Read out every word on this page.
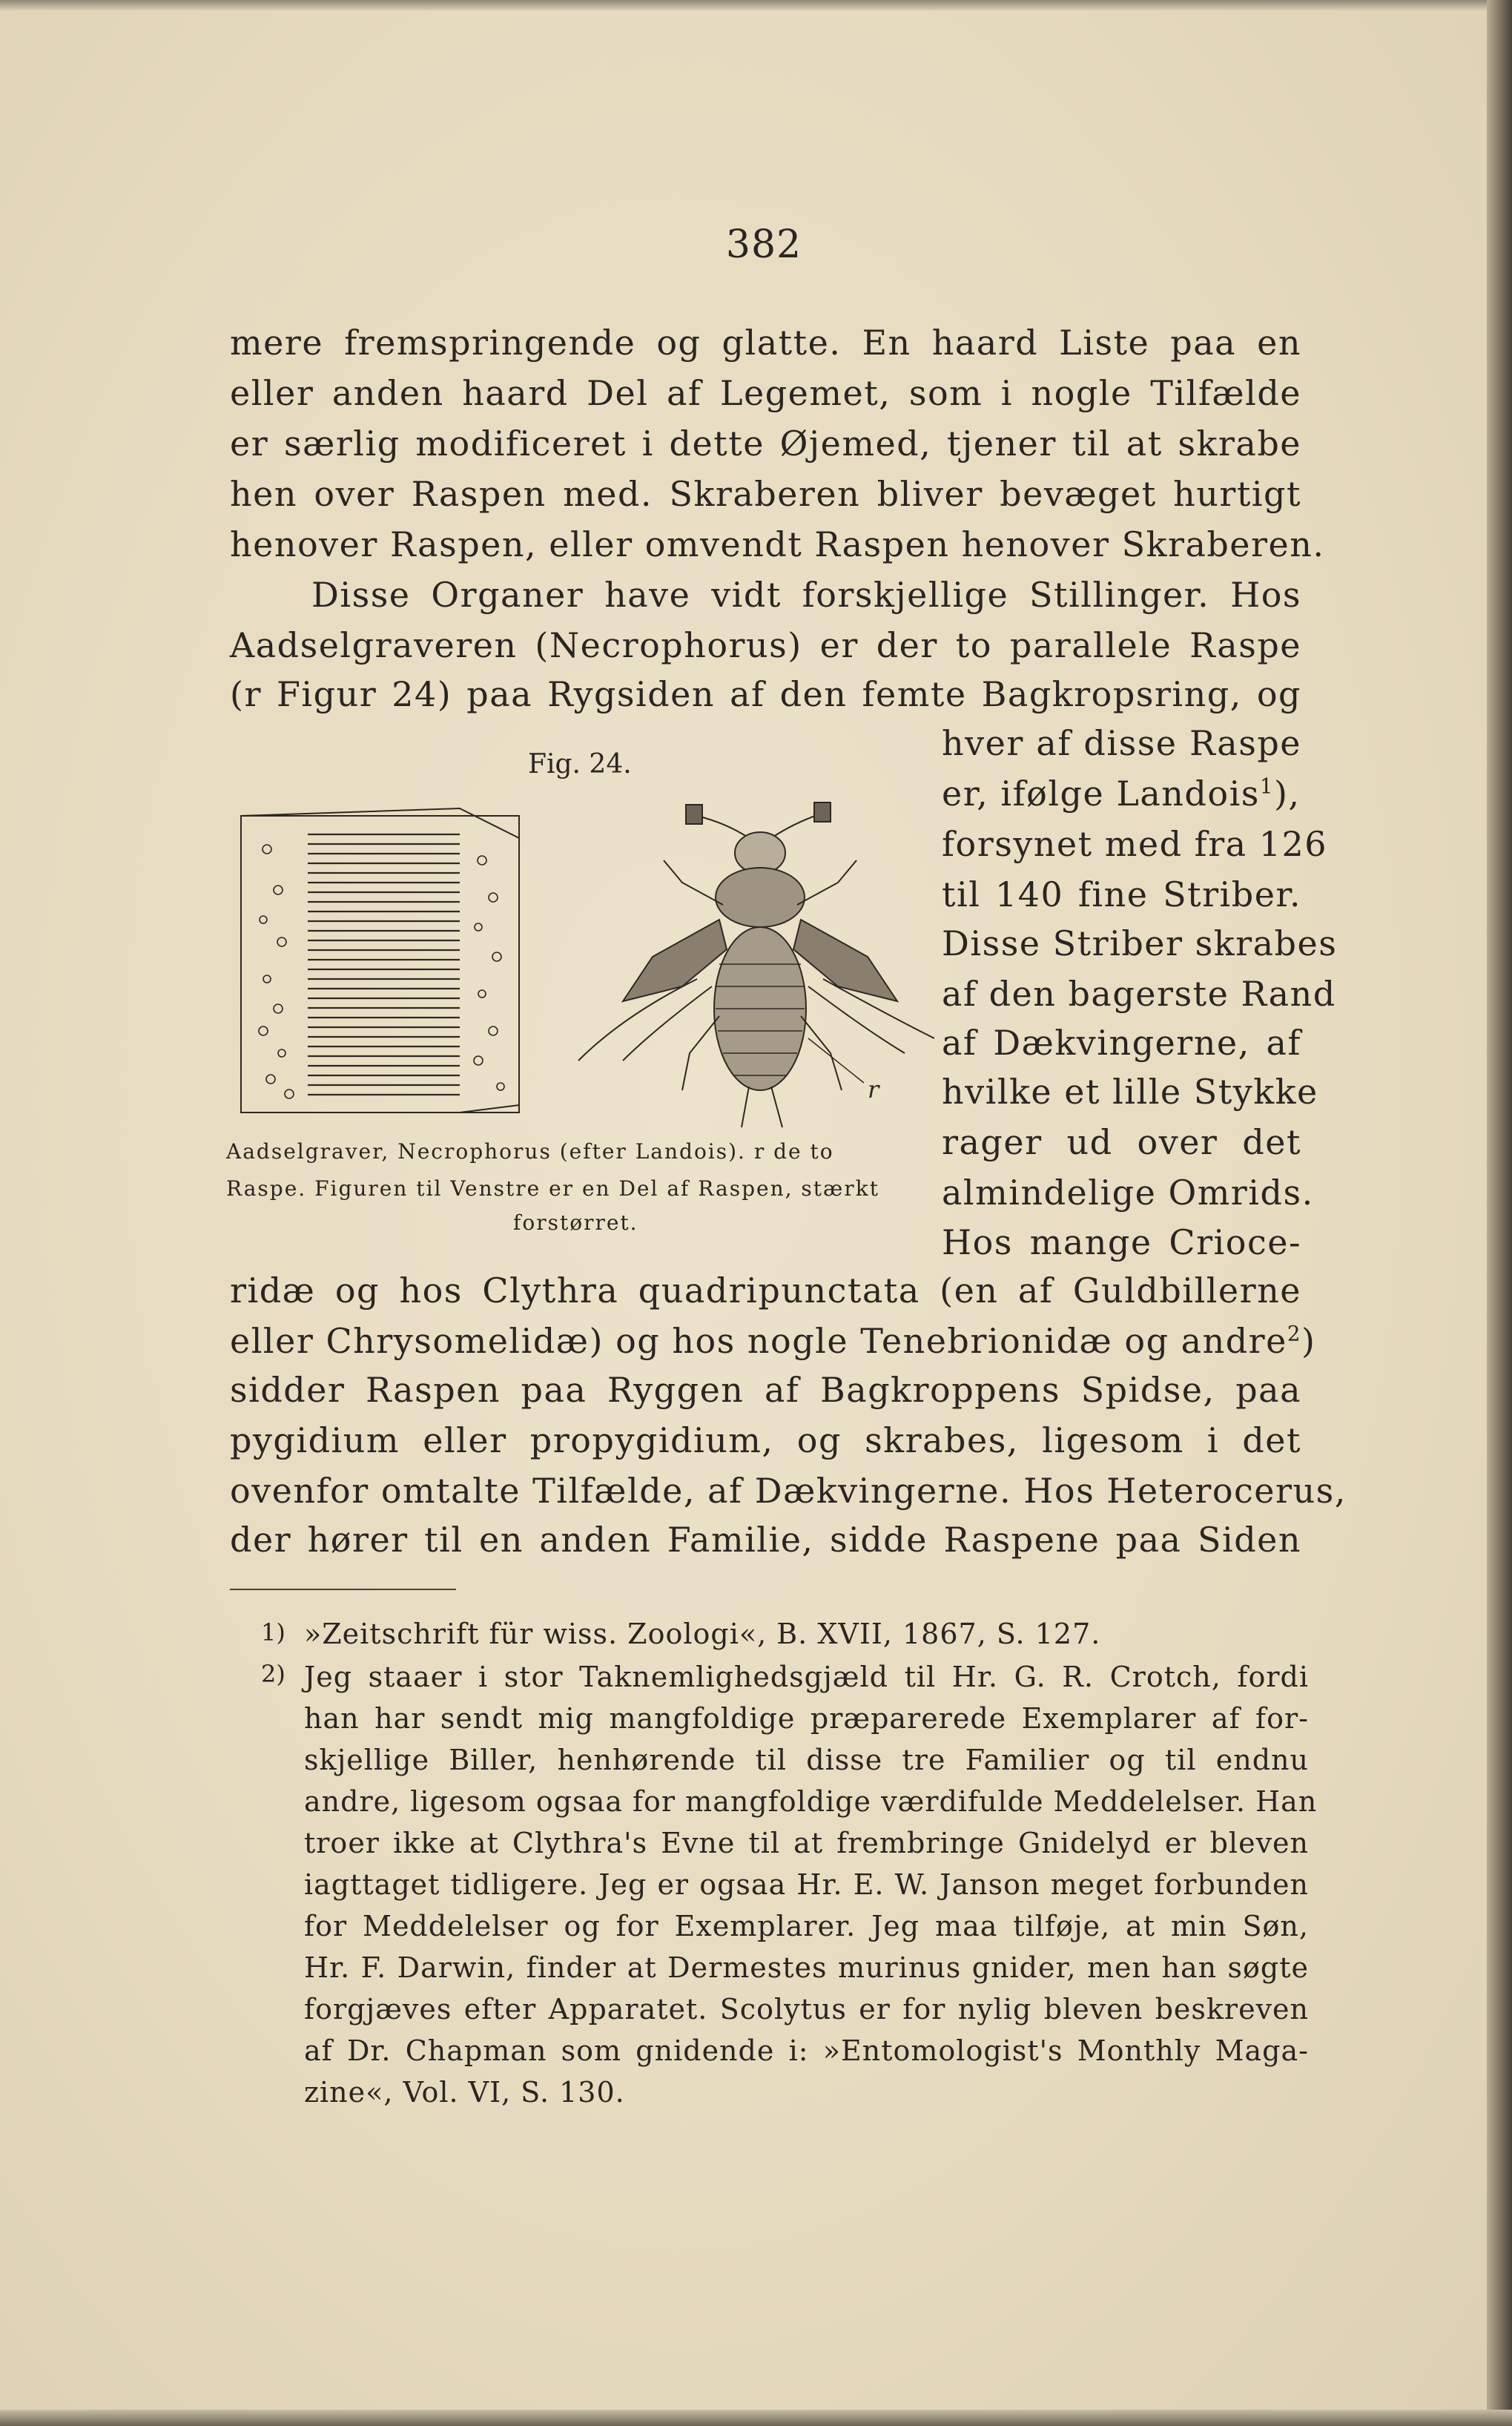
382
mere fremspringende og glatte. En haard Liste paa en
eller anden haard Del af Legemet, som i nogle Tilfælde
er særlig modificeret i dette Øjemed, tjener til at skrabe
hen over Raspen med. Skraberen bliver bevæget hurtigt
henover Raspen, eller omvendt Raspen henover Skraberen.
Disse Organer have vidt forskjellige Stillinger. Hos
Aadselgraveren (Necrophorus) er der to parallele Raspe
(r Figur 24) paa Rygsiden af den femte Bagkropsring, og
hver af disse Raspe
er, ifølge Landois$^1$),
forsynet med fra 126
til 140 fine Striber.
Disse Striber skrabes
af den bagerste Rand
af Dækvingerne, af
hvilke et lille Stykke
rager ud over det
almindelige Omrids.
Hos mange Crioce-
Fig. 24.
r
Aadselgraver, Necrophorus (efter Landois). r de to
Raspe. Figuren til Venstre er en Del af Raspen, stærkt
forstørret.
ridæ og hos Clythra quadripunctata (en af Guldbillerne
eller Chrysomelidæ) og hos nogle Tenebrionidæ og andre$^2$)
sidder Raspen paa Ryggen af Bagkroppens Spidse, paa
pygidium eller propygidium, og skrabes, ligesom i det
ovenfor omtalte Tilfælde, af Dækvingerne. Hos Heterocerus,
der hører til en anden Familie, sidde Raspene paa Siden
1) »Zeitschrift für wiss. Zoologi«, B. XVII, 1867, S. 127.
2) Jeg staaer i stor Taknemlighedsgjæld til Hr. G. R. Crotch, fordi
han har sendt mig mangfoldige præparerede Exemplarer af for-
skjellige Biller, henhørende til disse tre Familier og til endnu
andre, ligesom ogsaa for mangfoldige værdifulde Meddelelser. Han
troer ikke at Clythra's Evne til at frembringe Gnidelyd er bleven
iagttaget tidligere. Jeg er ogsaa Hr. E. W. Janson meget forbunden
for Meddelelser og for Exemplarer. Jeg maa tilføje, at min Søn,
Hr. F. Darwin, finder at Dermestes murinus gnider, men han søgte
forgjæves efter Apparatet. Scolytus er for nylig bleven beskreven
af Dr. Chapman som gnidende i: »Entomologist's Monthly Maga-
zine«, Vol. VI, S. 130.
